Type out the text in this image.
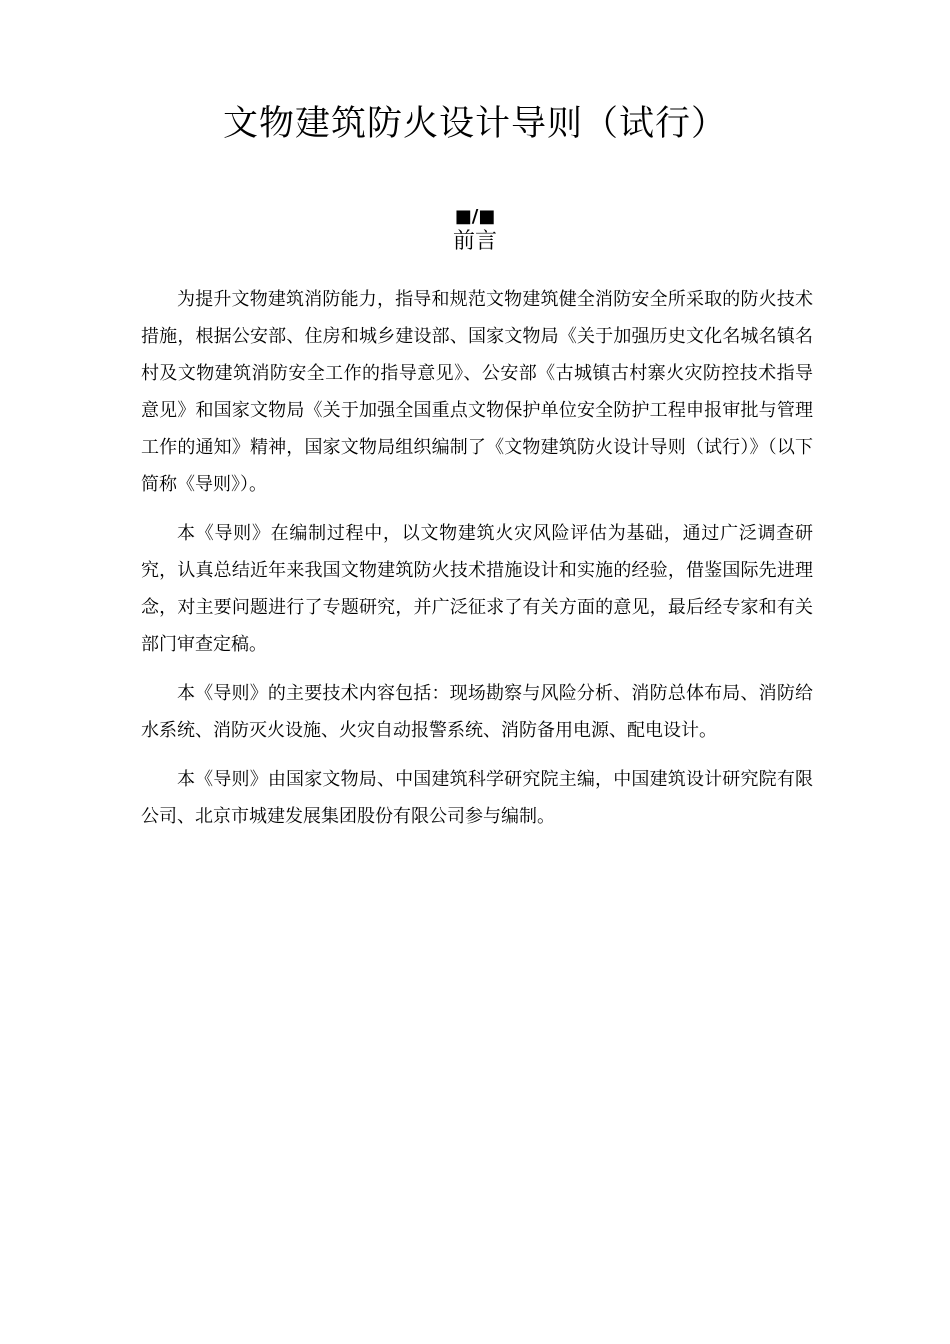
文物建筑防火设计导则（试行）
■/■
前言

为提升文物建筑消防能力，指导和规范文物建筑健全消防安全所采取的防火技术措施，根据公安部、住房和城乡建设部、国家文物局《关于加强历史文化名城名镇名村及文物建筑消防安全工作的指导意见》、公安部《古城镇古村寨火灾防控技术指导意见》和国家文物局《关于加强全国重点文物保护单位安全防护工程申报审批与管理工作的通知》精神，国家文物局组织编制了《文物建筑防火设计导则（试行）》（以下简称《导则》）。

本《导则》在编制过程中，以文物建筑火灾风险评估为基础，通过广泛调查研究，认真总结近年来我国文物建筑防火技术措施设计和实施的经验，借鉴国际先进理念，对主要问题进行了专题研究，并广泛征求了有关方面的意见，最后经专家和有关部门审查定稿。

本《导则》的主要技术内容包括：现场勘察与风险分析、消防总体布局、消防给水系统、消防灭火设施、火灾自动报警系统、消防备用电源、配电设计。

本《导则》由国家文物局、中国建筑科学研究院主编，中国建筑设计研究院有限公司、北京市城建发展集团股份有限公司参与编制。
